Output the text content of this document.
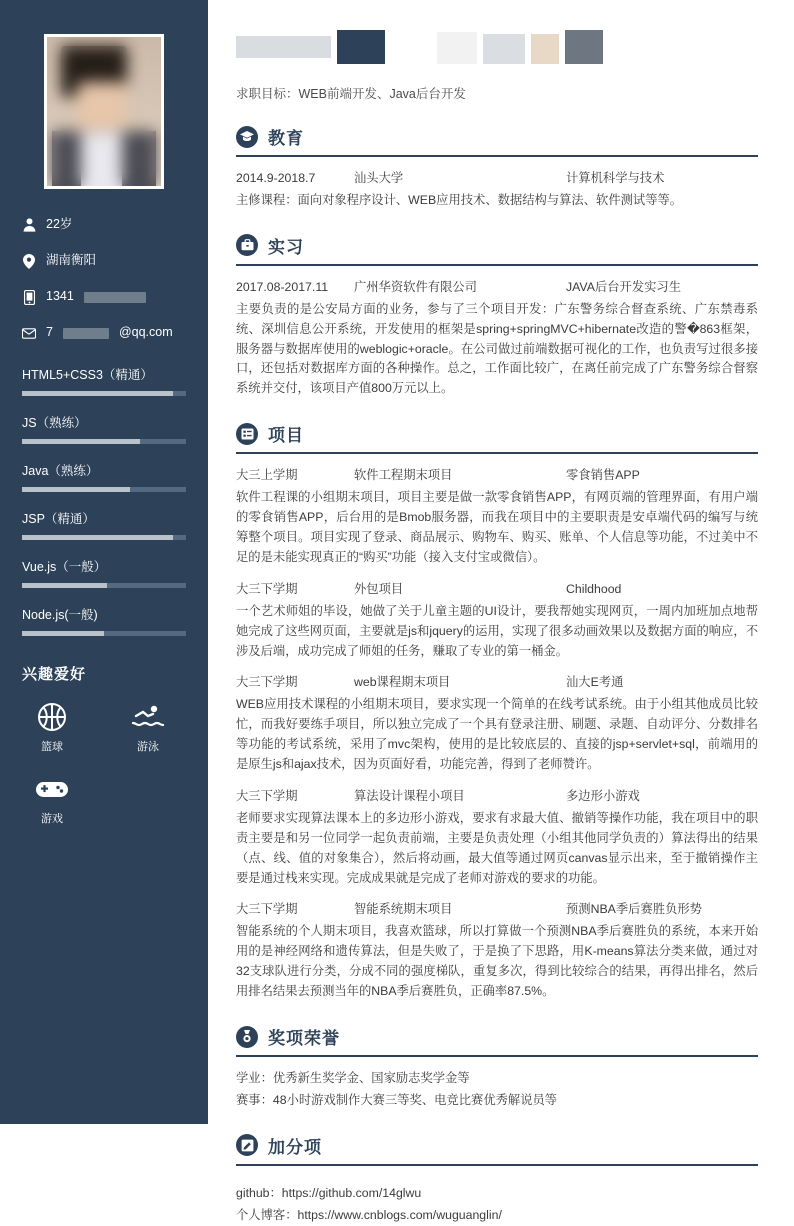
22岁
湖南衡阳
1341
7	@qq.com
HTML5+CSS3（精通）
JS（熟练）
Java（熟练）
JSP（精通）
Vue.js（一般）
Node.js(一般)
兴趣爱好
篮球	游泳
游戏
求职目标：WEB前端开发、Java后台开发
教育
2014.9-2018.7	汕头大学	计算机科学与技术
主修课程：面向对象程序设计、WEB应用技术、数据结构与算法、软件测试等等。
实习
2017.08-2017.11	广州华资软件有限公司	JAVA后台开发实习生
主要负责的是公安局方面的业务，参与了三个项目开发：广东警务综合督查系统、广东禁毒系统、深圳信息公开系统，开发使用的框架是spring+springMVC+hibernate改造的警�863框架，服务器与数据库使用的weblogic+oracle。在公司做过前端数据可视化的工作，也负责写过很多接口，还包括对数据库方面的各种操作。总之，工作面比较广，在离任前完成了广东警务综合督察系统并交付，该项目产值800万元以上。
项目
大三上学期	软件工程期末项目	零食销售APP
软件工程课的小组期末项目，项目主要是做一款零食销售APP，有网页端的管理界面，有用户端的零食销售APP，后台用的是Bmob服务器，而我在项目中的主要职责是安卓端代码的编写与统筹整个项目。项目实现了登录、商品展示、购物车、购买、账单、个人信息等功能，不过美中不足的是未能实现真正的“购买”功能（接入支付宝或微信）。
大三下学期	外包项目	Childhood
一个艺术师姐的毕设，她做了关于儿童主题的UI设计，要我帮她实现网页，一周内加班加点地帮她完成了这些网页面，主要就是js和jquery的运用，实现了很多动画效果以及数据方面的响应，不涉及后端，成功完成了师姐的任务，赚取了专业的第一桶金。
大三下学期	web课程期末项目	汕大E考通
WEB应用技术课程的小组期末项目，要求实现一个简单的在线考试系统。由于小组其他成员比较忙，而我好要练手项目，所以独立完成了一个具有登录注册、刷题、录题、自动评分、分数排名等功能的考试系统，采用了mvc架构，使用的是比较底层的、直接的jsp+servlet+sql，前端用的是原生js和ajax技术，因为页面好看，功能完善，得到了老师赞许。
大三下学期	算法设计课程小项目	多边形小游戏
老师要求实现算法课本上的多边形小游戏，要求有求最大值、撤销等操作功能，我在项目中的职责主要是和另一位同学一起负责前端，主要是负责处理（小组其他同学负责的）算法得出的结果（点、线、值的对象集合），然后将动画，最大值等通过网页canvas显示出来，至于撤销操作主要是通过栈来实现。完成成果就是完成了老师对游戏的要求的功能。
大三下学期	智能系统期末项目	预测NBA季后赛胜负形势
智能系统的个人期末项目，我喜欢篮球，所以打算做一个预测NBA季后赛胜负的系统，本来开始用的是神经网络和遗传算法，但是失败了，于是换了下思路，用K-means算法分类来做，通过对32支球队进行分类，分成不同的强度梯队，重复多次，得到比较综合的结果，再得出排名，然后用排名结果去预测当年的NBA季后赛胜负，正确率87.5%。
奖项荣誉
学业：优秀新生奖学金、国家励志奖学金等
赛事：48小时游戏制作大赛三等奖、电竞比赛优秀解说员等
加分项
github：https://github.com/14glwu
个人博客：https://www.cnblogs.com/wuguanglin/
